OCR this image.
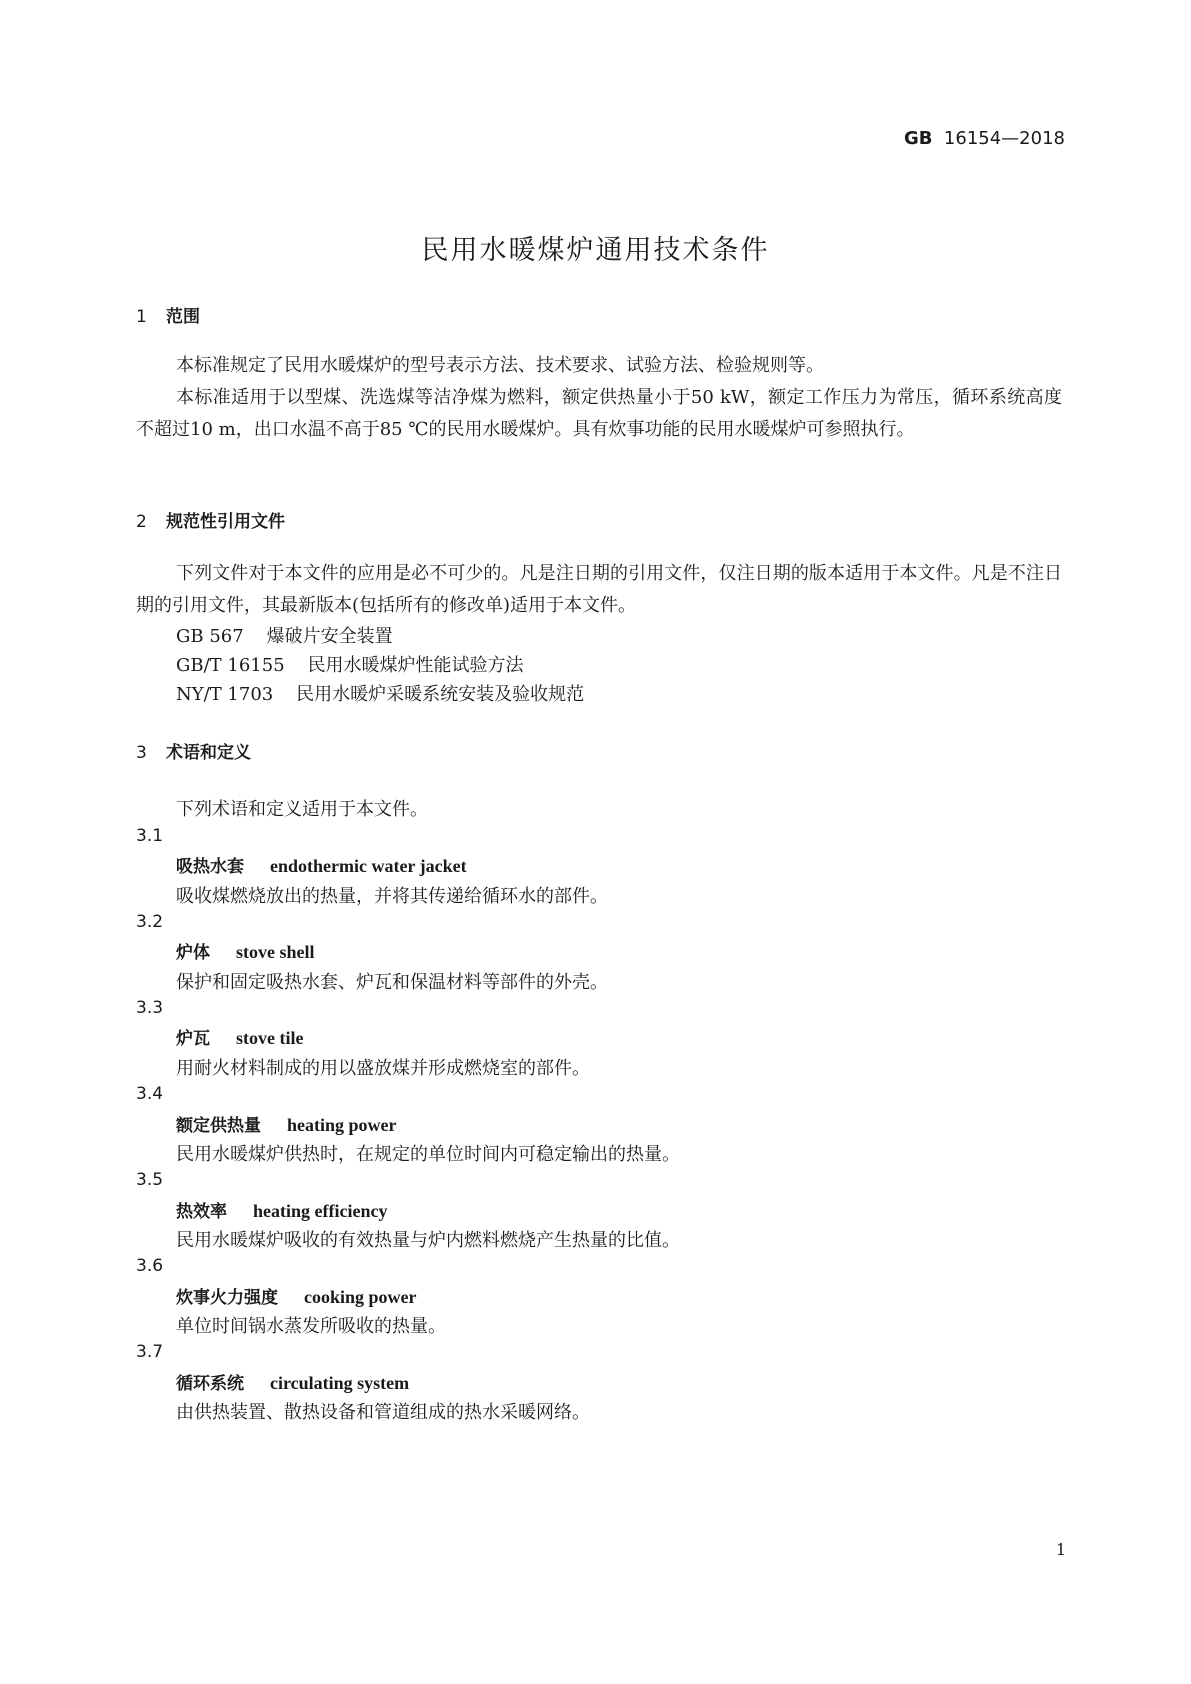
GB 16154—2018
民用水暖煤炉通用技术条件
1 范围
本标准规定了民用水暖煤炉的型号表示方法、技术要求、试验方法、检验规则等。
本标准适用于以型煤、洗选煤等洁净煤为燃料，额定供热量小于50 kW，额定工作压力为常压，循环系统高度不超过10 m，出口水温不高于85 ℃的民用水暖煤炉。具有炊事功能的民用水暖煤炉可参照执行。
2 规范性引用文件
下列文件对于本文件的应用是必不可少的。凡是注日期的引用文件，仅注日期的版本适用于本文件。凡是不注日期的引用文件，其最新版本(包括所有的修改单)适用于本文件。
GB 567 爆破片安全装置
GB/T 16155 民用水暖煤炉性能试验方法
NY/T 1703 民用水暖炉采暖系统安装及验收规范
3 术语和定义
下列术语和定义适用于本文件。
3.1
吸热水套 endothermic water jacket
吸收煤燃烧放出的热量，并将其传递给循环水的部件。
3.2
炉体 stove shell
保护和固定吸热水套、炉瓦和保温材料等部件的外壳。
3.3
炉瓦 stove tile
用耐火材料制成的用以盛放煤并形成燃烧室的部件。
3.4
额定供热量 heating power
民用水暖煤炉供热时，在规定的单位时间内可稳定输出的热量。
3.5
热效率 heating efficiency
民用水暖煤炉吸收的有效热量与炉内燃料燃烧产生热量的比值。
3.6
炊事火力强度 cooking power
单位时间锅水蒸发所吸收的热量。
3.7
循环系统 circulating system
由供热装置、散热设备和管道组成的热水采暖网络。
1
